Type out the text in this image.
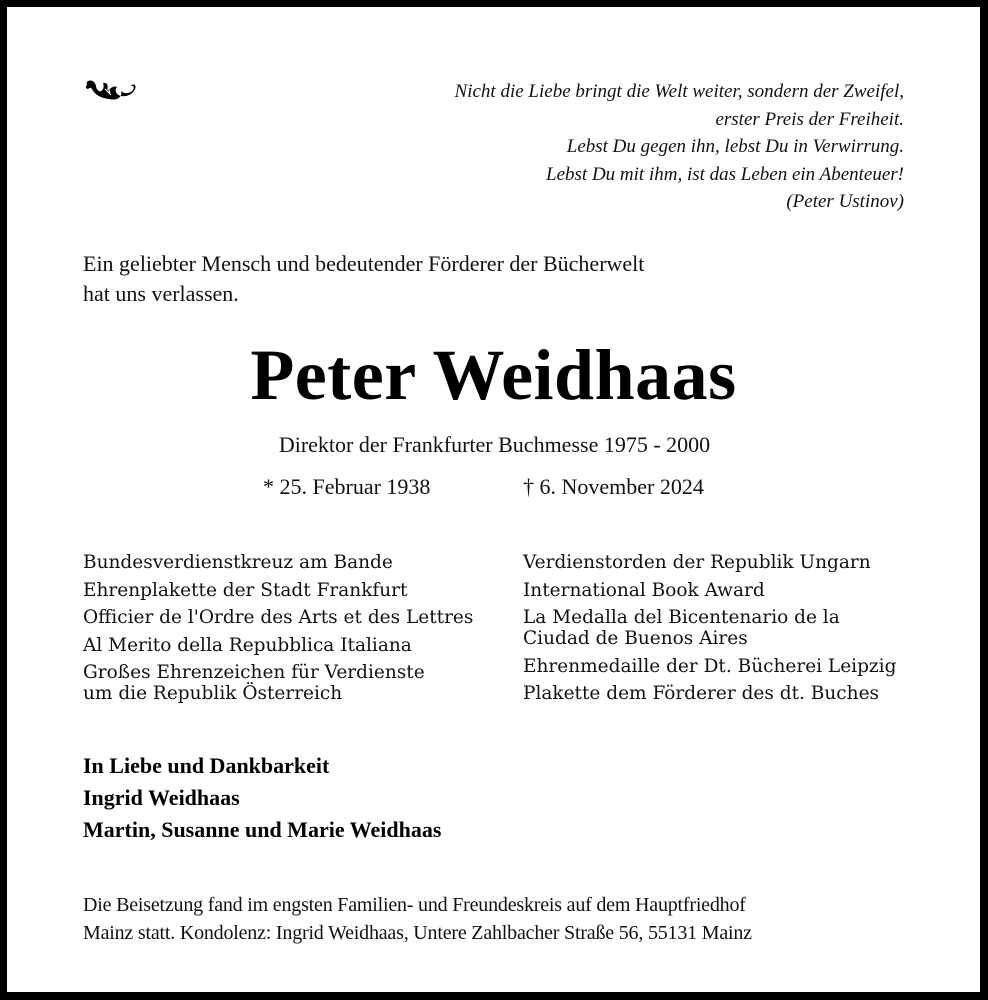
Nicht die Liebe bringt die Welt weiter, sondern der Zweifel,
erster Preis der Freiheit.
Lebst Du gegen ihn, lebst Du in Verwirrung.
Lebst Du mit ihm, ist das Leben ein Abenteuer!
(Peter Ustinov)
Ein geliebter Mensch und bedeutender Förderer der Bücherwelt
hat uns verlassen.
Peter Weidhaas
Direktor der Frankfurter Buchmesse 1975 - 2000
* 25. Februar 1938	† 6. November 2024
Bundesverdienstkreuz am Bande
Ehrenplakette der Stadt Frankfurt
Officier de l'Ordre des Arts et des Lettres
Al Merito della Repubblica Italiana
Großes Ehrenzeichen für Verdienste
um die Republik Österreich
Verdienstorden der Republik Ungarn
International Book Award
La Medalla del Bicentenario de la
Ciudad de Buenos Aires
Ehrenmedaille der Dt. Bücherei Leipzig
Plakette dem Förderer des dt. Buches
In Liebe und Dankbarkeit
Ingrid Weidhaas
Martin, Susanne und Marie Weidhaas
Die Beisetzung fand im engsten Familien- und Freundeskreis auf dem Hauptfriedhof
Mainz statt. Kondolenz: Ingrid Weidhaas, Untere Zahlbacher Straße 56, 55131 Mainz
